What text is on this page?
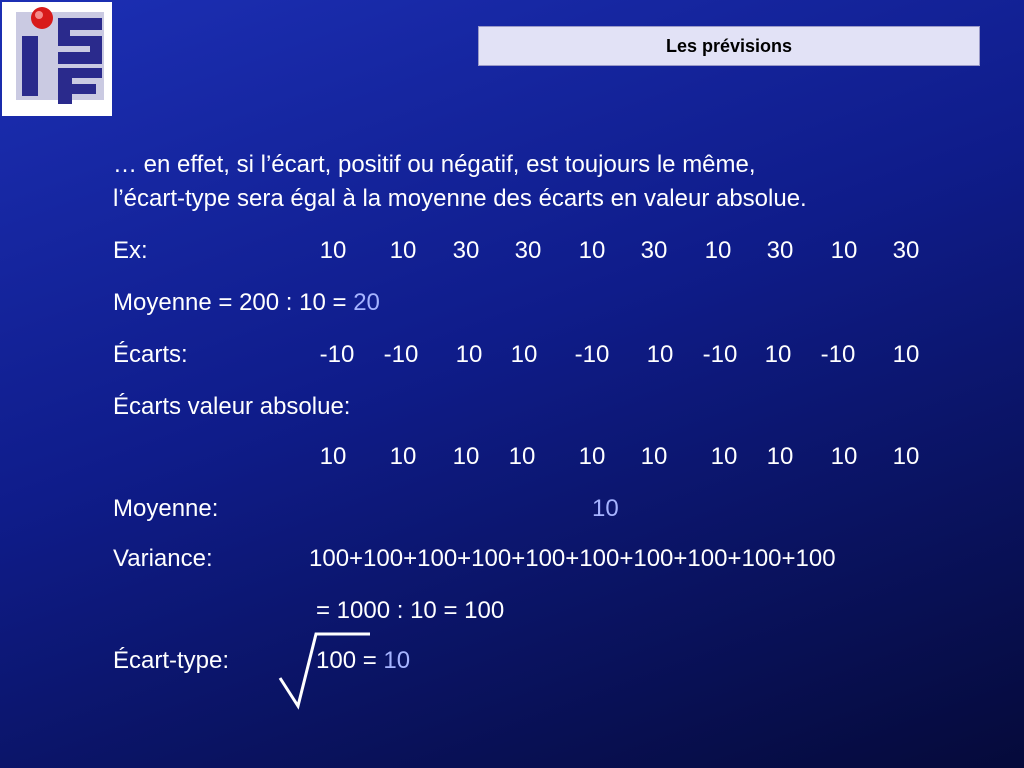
Les prévisions
… en effet, si l’écart, positif ou négatif, est toujours le même,
l’écart-type sera égal à la moyenne des écarts en valeur absolue.
Ex:	10 10 30 30 10 30 10 30 10 30
Moyenne = 200 : 10 = 20
Écarts:	-10 -10 10 10 -10 10 -10 10 -10 10
Écarts valeur absolue:
10 10 10 10 10 10 10 10 10 10
Moyenne:	10
Variance:	100+100+100+100+100+100+100+100+100+100
= 1000 : 10 = 100
Écart-type:	100 = 10
